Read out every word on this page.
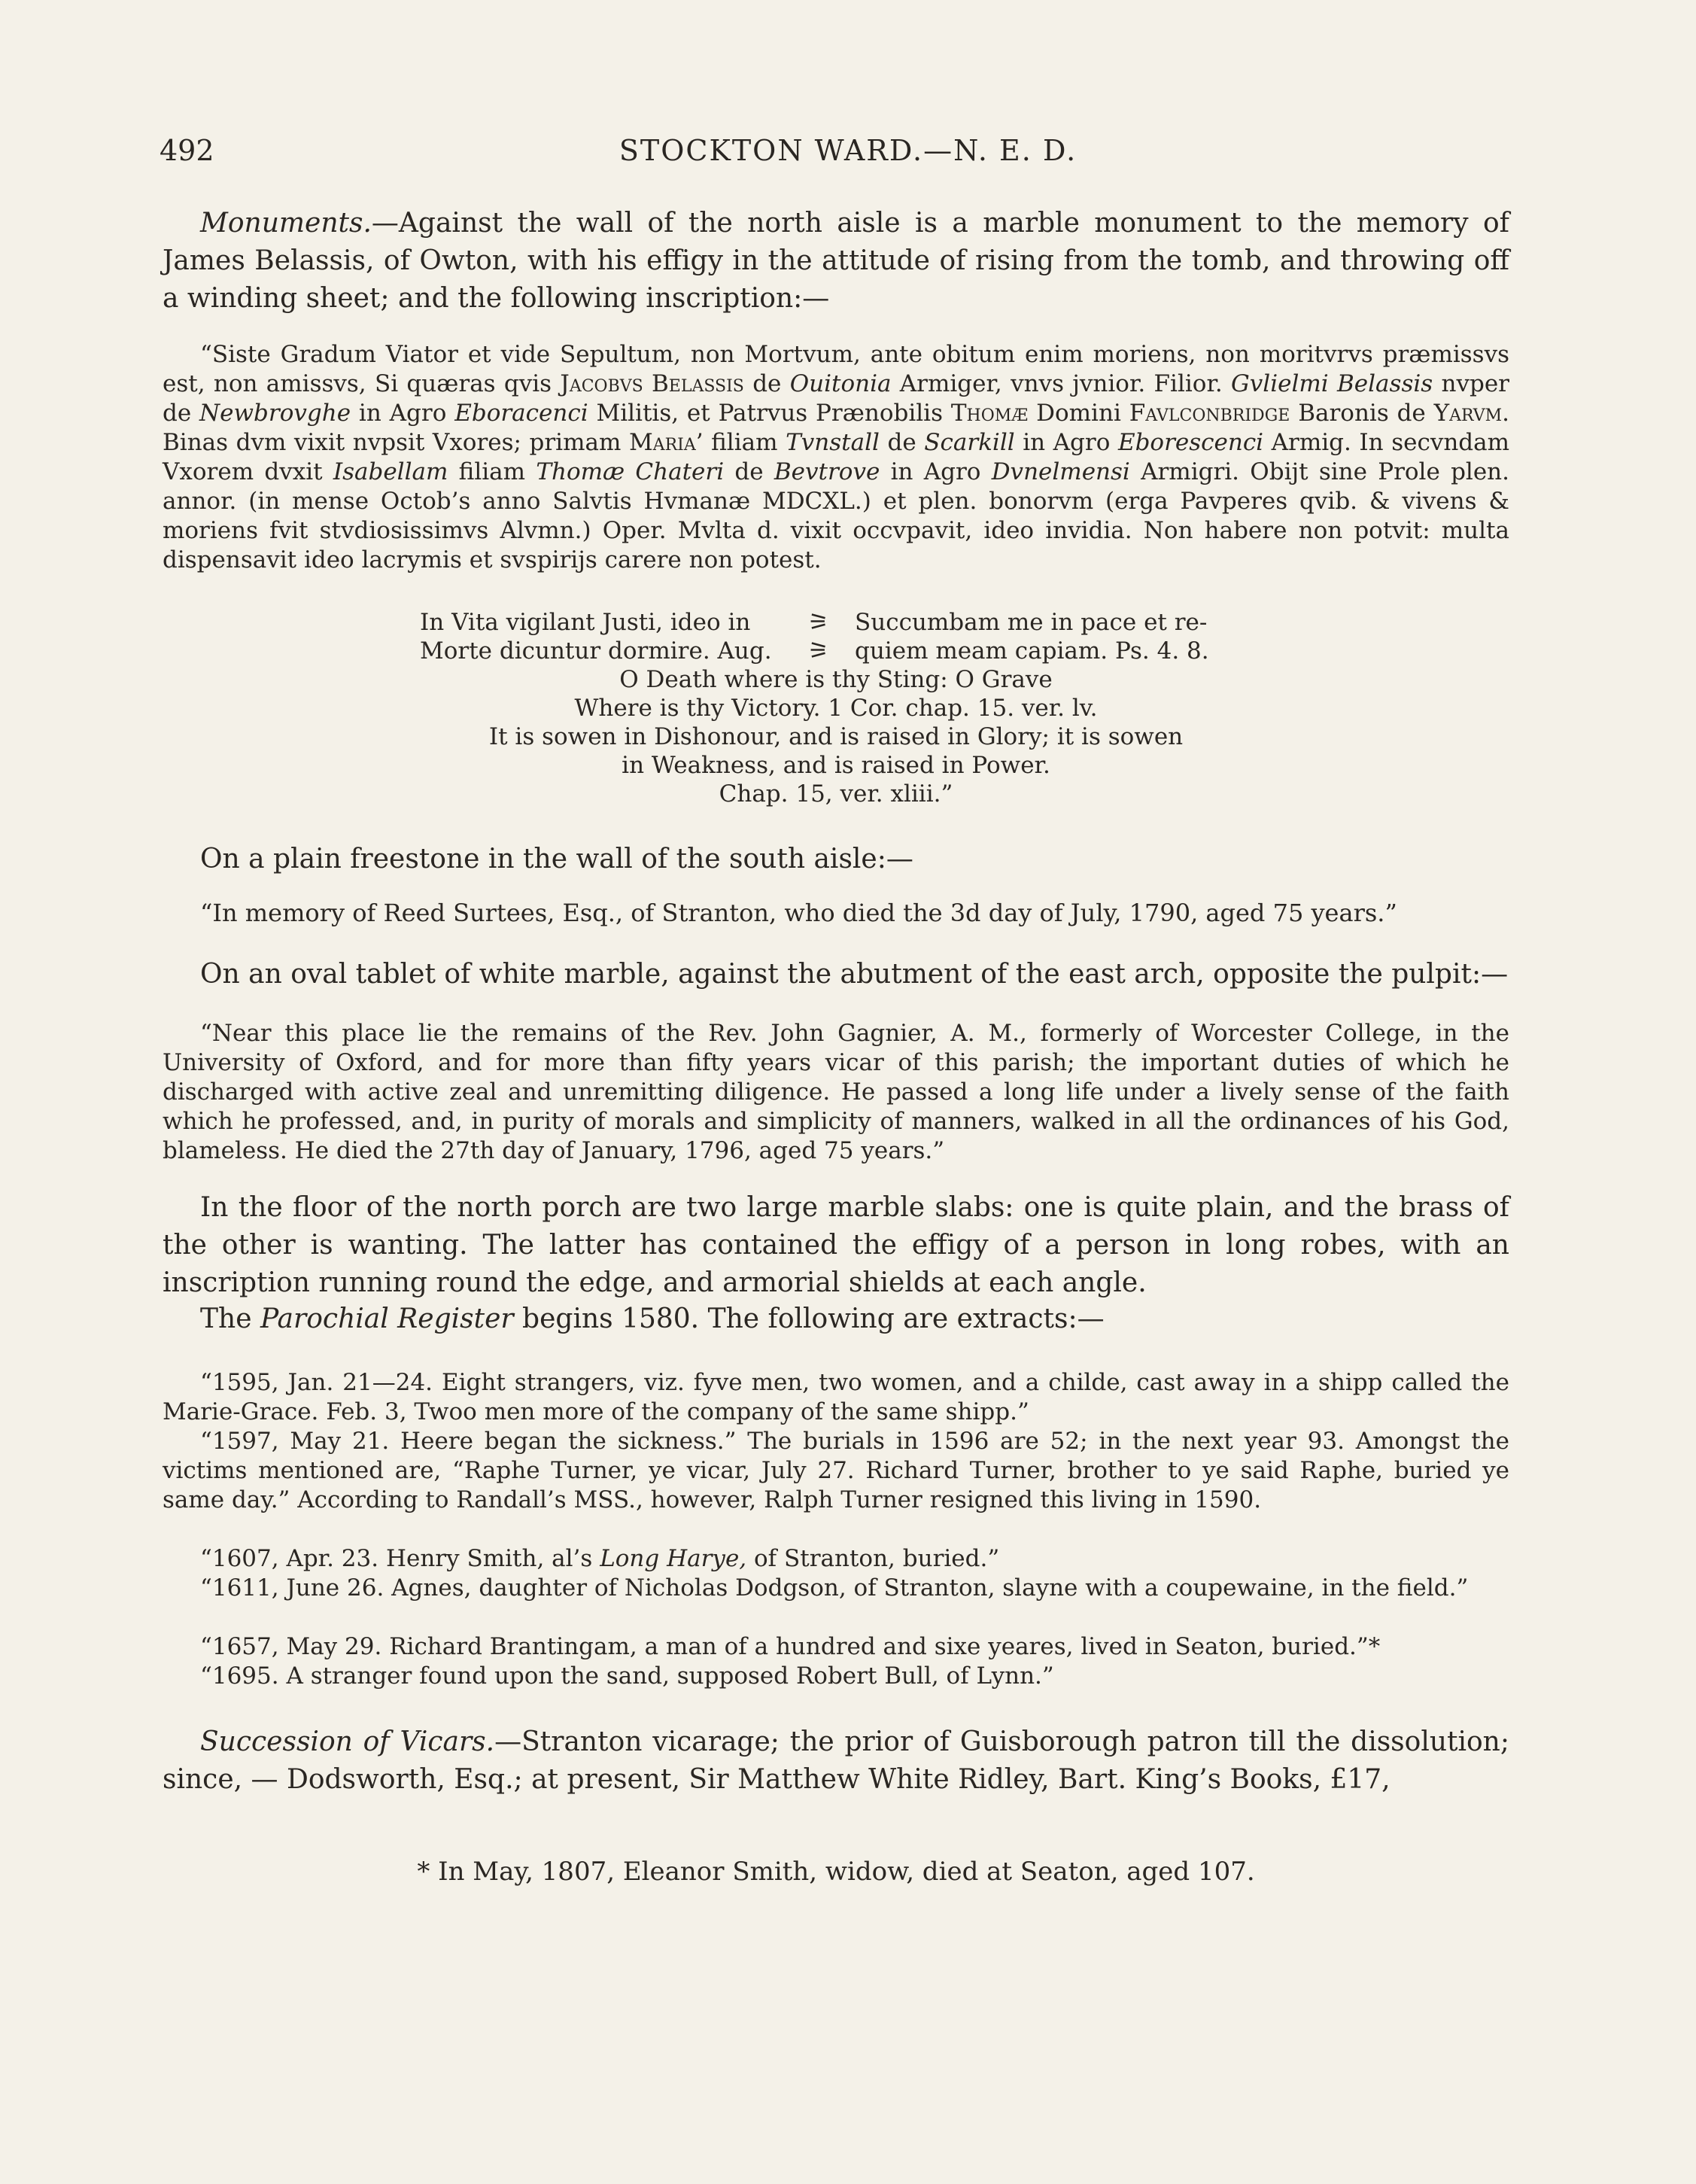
492	STOCKTON WARD.—N. E. D.

Monuments.—Against the wall of the north aisle is a marble monument to the memory of James Belassis, of Owton, with his effigy in the attitude of rising from the tomb, and throwing off a winding sheet; and the following inscription:—

“Siste Gradum Viator et vide Sepultum, non Mortvum, ante obitum enim moriens, non moritvrvs præmissvs est, non amissvs, Si quæras qvis Jacobvs Belassis de Ouitonia Armiger, vnvs jvnior. Filior. Gvlielmi Belassis nvper de Newbrovghe in Agro Eboracenci Militis, et Patrvus Prænobilis Thomæ Domini Favlconbridge Baronis de Yarvm. Binas dvm vixit nvpsit Vxores; primam Maria’ filiam Tvnstall de Scarkill in Agro Eborescenci Armig. In secvndam Vxorem dvxit Isabellam filiam Thomæ Chateri de Bevtrove in Agro Dvnelmensi Armigri. Obijt sine Prole plen. annor. (in mense Octob’s anno Salvtis Hvmanæ MDCXL.) et plen. bonorvm (erga Pavperes qvib. & vivens & moriens fvit stvdiosissimvs Alvmn.) Oper. Mvlta d. vixit occvpavit, ideo invidia. Non habere non potvit: multa dispensavit ideo lacrymis et svspirijs carere non potest.

In Vita vigilant Justi, ideo in

Morte dicuntur dormire. Aug.

⚞
⚞

Succumbam me in pace et re-

quiem meam capiam. Ps. 4. 8.

O Death where is thy Sting: O Grave

Where is thy Victory. 1 Cor. chap. 15. ver. lv.

It is sowen in Dishonour, and is raised in Glory; it is sowen

in Weakness, and is raised in Power.

Chap. 15, ver. xliii.”

On a plain freestone in the wall of the south aisle:—

“In memory of Reed Surtees, Esq., of Stranton, who died the 3d day of July, 1790, aged 75 years.”

On an oval tablet of white marble, against the abutment of the east arch, opposite the pulpit:—

“Near this place lie the remains of the Rev. John Gagnier, A. M., formerly of Worcester College, in the University of Oxford, and for more than fifty years vicar of this parish; the important duties of which he discharged with active zeal and unremitting diligence. He passed a long life under a lively sense of the faith which he professed, and, in purity of morals and simplicity of manners, walked in all the ordinances of his God, blameless. He died the 27th day of January, 1796, aged 75 years.”

In the floor of the north porch are two large marble slabs: one is quite plain, and the brass of the other is wanting. The latter has contained the effigy of a person in long robes, with an inscription running round the edge, and armorial shields at each angle.

The Parochial Register begins 1580. The following are extracts:—

“1595, Jan. 21—24. Eight strangers, viz. fyve men, two women, and a childe, cast away in a shipp called the Marie-Grace. Feb. 3, Twoo men more of the company of the same shipp.”

“1597, May 21. Heere began the sickness.” The burials in 1596 are 52; in the next year 93. Amongst the victims mentioned are, “Raphe Turner, ye vicar, July 27. Richard Turner, brother to ye said Raphe, buried ye same day.” According to Randall’s MSS., however, Ralph Turner resigned this living in 1590.

“1607, Apr. 23. Henry Smith, al’s Long Harye, of Stranton, buried.”

“1611, June 26. Agnes, daughter of Nicholas Dodgson, of Stranton, slayne with a coupewaine, in the field.”

“1657, May 29. Richard Brantingam, a man of a hundred and sixe yeares, lived in Seaton, buried.”*

“1695. A stranger found upon the sand, supposed Robert Bull, of Lynn.”

Succession of Vicars.—Stranton vicarage; the prior of Guisborough patron till the dissolution; since, — Dodsworth, Esq.; at present, Sir Matthew White Ridley, Bart. King’s Books, £17,

* In May, 1807, Eleanor Smith, widow, died at Seaton, aged 107.
